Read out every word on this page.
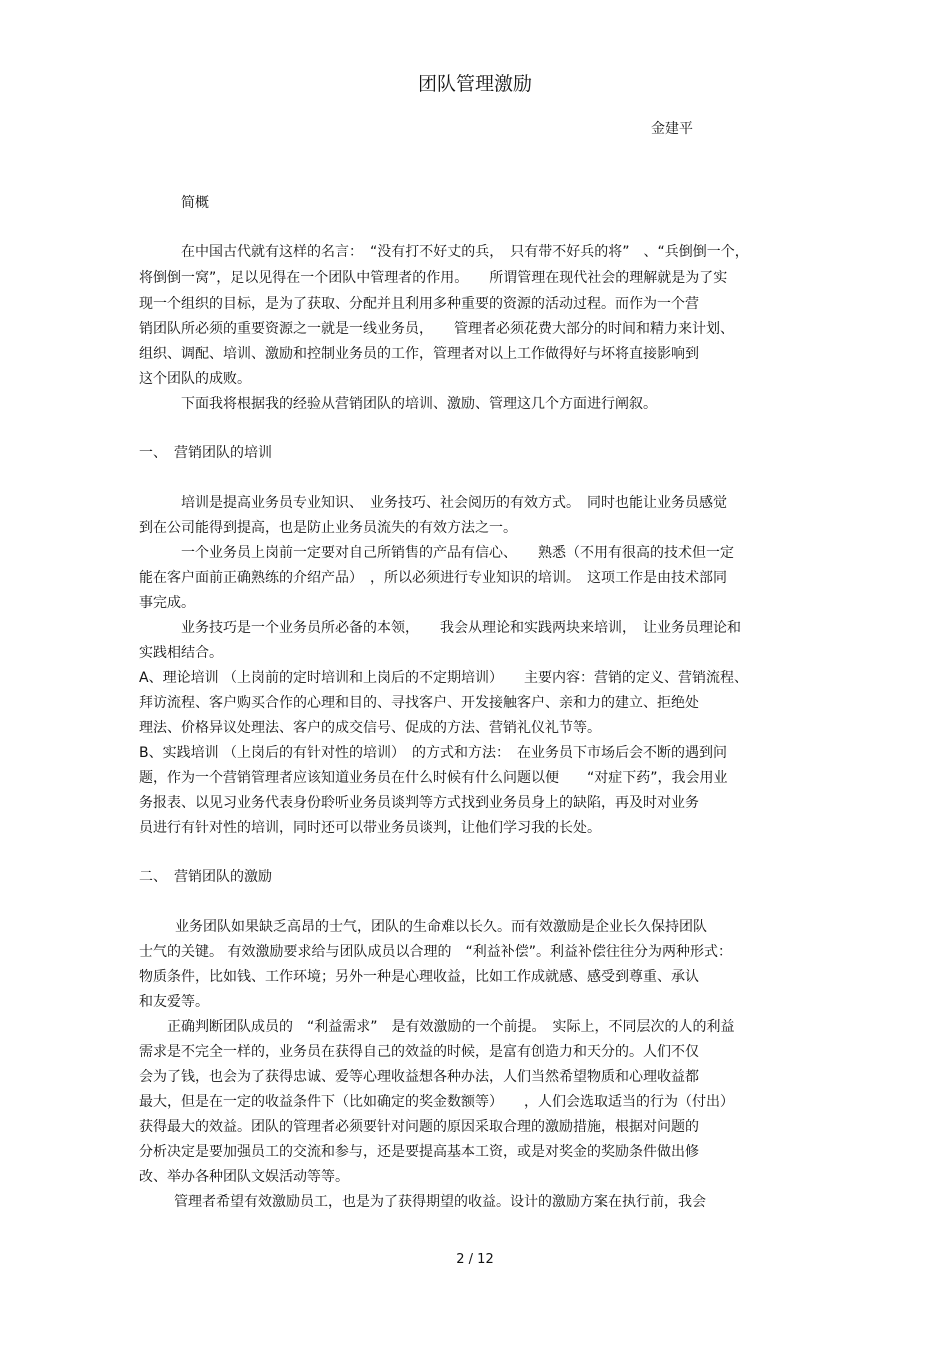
团队管理激励
金建平
简概
在中国古代就有这样的名言：　“没有打不好丈的兵，　只有带不好兵的将”　、“兵倒倒一个，
将倒倒一窝”，足以见得在一个团队中管理者的作用。　　所谓管理在现代社会的理解就是为了实
现一个组织的目标，是为了获取、分配并且利用多种重要的资源的活动过程。而作为一个营
销团队所必须的重要资源之一就是一线业务员，　　管理者必须花费大部分的时间和精力来计划、
组织、调配、培训、激励和控制业务员的工作，管理者对以上工作做得好与坏将直接影响到
这个团队的成败。
下面我将根据我的经验从营销团队的培训、激励、管理这几个方面进行阐叙。
一、　营销团队的培训
培训是提高业务员专业知识、　业务技巧、社会阅历的有效方式。　同时也能让业务员感觉
到在公司能得到提高，也是防止业务员流失的有效方法之一。
一个业务员上岗前一定要对自己所销售的产品有信心、　　熟悉（不用有很高的技术但一定
能在客户面前正确熟练的介绍产品）　，所以必须进行专业知识的培训。　这项工作是由技术部同
事完成。
业务技巧是一个业务员所必备的本领，　　我会从理论和实践两块来培训，　让业务员理论和
实践相结合。
A、理论培训 （上岗前的定时培训和上岗后的不定期培训）　　主要内容：营销的定义、营销流程、
拜访流程、客户购买合作的心理和目的、寻找客户、开发接触客户、亲和力的建立、拒绝处
理法、价格异议处理法、客户的成交信号、促成的方法、营销礼仪礼节等。
B、实践培训 （上岗后的有针对性的培训）　的方式和方法：　在业务员下市场后会不断的遇到问
题，作为一个营销管理者应该知道业务员在什么时候有什么问题以便　　“对症下药”，我会用业
务报表、以见习业务代表身份聆听业务员谈判等方式找到业务员身上的缺陷，再及时对业务
员进行有针对性的培训，同时还可以带业务员谈判，让他们学习我的长处。
二、　营销团队的激励
业务团队如果缺乏高昂的士气，团队的生命难以长久。而有效激励是企业长久保持团队
士气的关键。 有效激励要求给与团队成员以合理的　“利益补偿”。利益补偿往往分为两种形式：
物质条件，比如钱、工作环境；另外一种是心理收益，比如工作成就感、感受到尊重、承认
和友爱等。
正确判断团队成员的　“利益需求”　是有效激励的一个前提。　实际上，不同层次的人的利益
需求是不完全一样的，业务员在获得自己的效益的时候，是富有创造力和天分的。人们不仅
会为了钱，也会为了获得忠诚、爱等心理收益想各种办法，人们当然希望物质和心理收益都
最大，但是在一定的收益条件下（比如确定的奖金数额等）　　，人们会选取适当的行为（付出）
获得最大的效益。团队的管理者必须要针对问题的原因采取合理的激励措施，根据对问题的
分析决定是要加强员工的交流和参与，还是要提高基本工资，或是对奖金的奖励条件做出修
改、举办各种团队文娱活动等等。
管理者希望有效激励员工，也是为了获得期望的收益。设计的激励方案在执行前，我会
2 / 12
